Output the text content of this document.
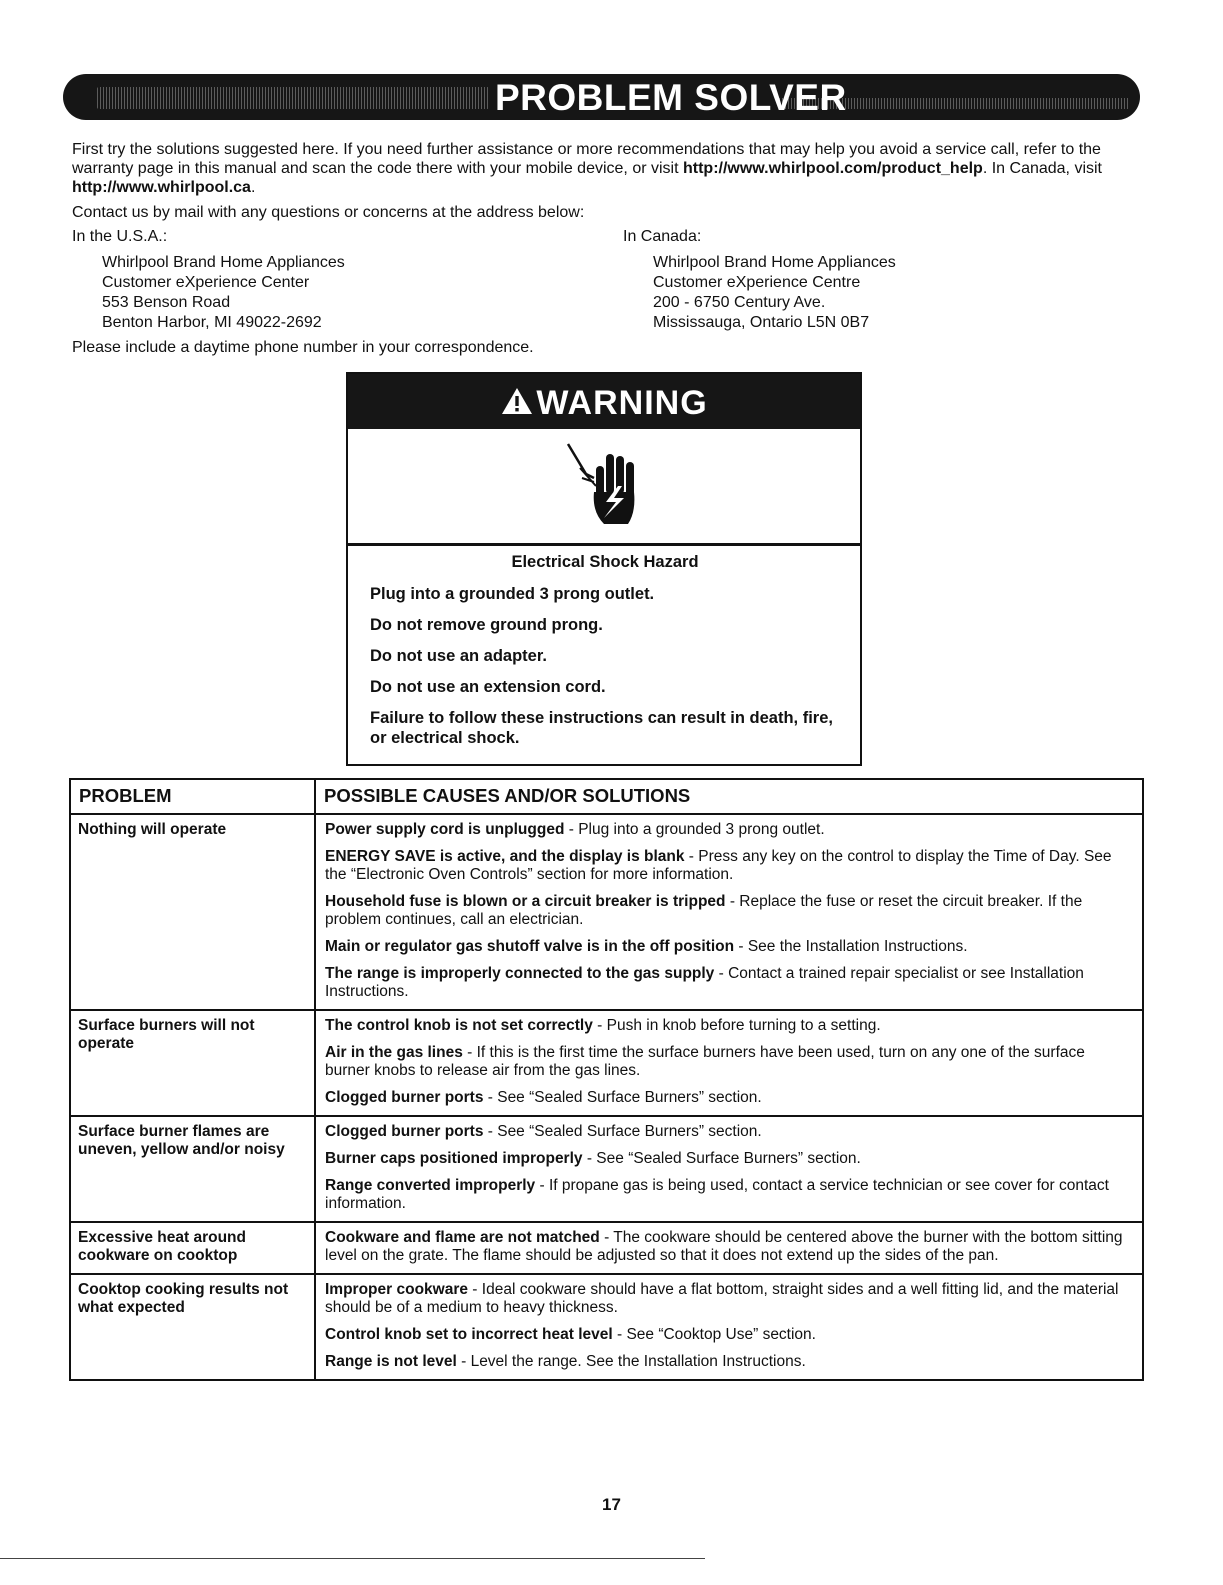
PROBLEM SOLVER

First try the solutions suggested here. If you need further assistance or more recommendations that may help you avoid a service call, refer to the warranty page in this manual and scan the code there with your mobile device, or visit http://www.whirlpool.com/product_help. In Canada, visit http://www.whirlpool.ca.

Contact us by mail with any questions or concerns at the address below:

In the U.S.A.:

Whirlpool Brand Home Appliances
Customer eXperience Center
553 Benson Road
Benton Harbor, MI 49022-2692

In Canada:

Whirlpool Brand Home Appliances
Customer eXperience Centre
200 - 6750 Century Ave.
Mississauga, Ontario L5N 0B7
Please include a daytime phone number in your correspondence.
WARNING

Electrical Shock Hazard

Plug into a grounded 3 prong outlet.

Do not remove ground prong.

Do not use an adapter.

Do not use an extension cord.

Failure to follow these instructions can result in death, fire, or electrical shock.

PROBLEM	POSSIBLE CAUSES AND/OR SOLUTIONS
Nothing will operate	Power supply cord is unplugged - Plug into a grounded 3 prong outlet.
ENERGY SAVE is active, and the display is blank - Press any key on the control to display the Time of Day. See the “Electronic Oven Controls” section for more information.
Household fuse is blown or a circuit breaker is tripped - Replace the fuse or reset the circuit breaker. If the problem continues, call an electrician.
Main or regulator gas shutoff valve is in the off position - See the Installation Instructions.
The range is improperly connected to the gas supply - Contact a trained repair specialist or see Installation Instructions.

Surface burners will not operate	The control knob is not set correctly - Push in knob before turning to a setting.
Air in the gas lines - If this is the first time the surface burners have been used, turn on any one of the surface burner knobs to release air from the gas lines.
Clogged burner ports - See “Sealed Surface Burners” section.

Surface burner flames are uneven, yellow and/or noisy	Clogged burner ports - See “Sealed Surface Burners” section.
Burner caps positioned improperly - See “Sealed Surface Burners” section.
Range converted improperly - If propane gas is being used, contact a service technician or see cover for contact information.

Excessive heat around cookware on cooktop	Cookware and flame are not matched - The cookware should be centered above the burner with the bottom sitting level on the grate. The flame should be adjusted so that it does not extend up the sides of the pan.

Cooktop cooking results not what expected	Improper cookware - Ideal cookware should have a flat bottom, straight sides and a well fitting lid, and the material should be of a medium to heavy thickness.
Control knob set to incorrect heat level - See “Cooktop Use” section.
Range is not level - Level the range. See the Installation Instructions.
17
